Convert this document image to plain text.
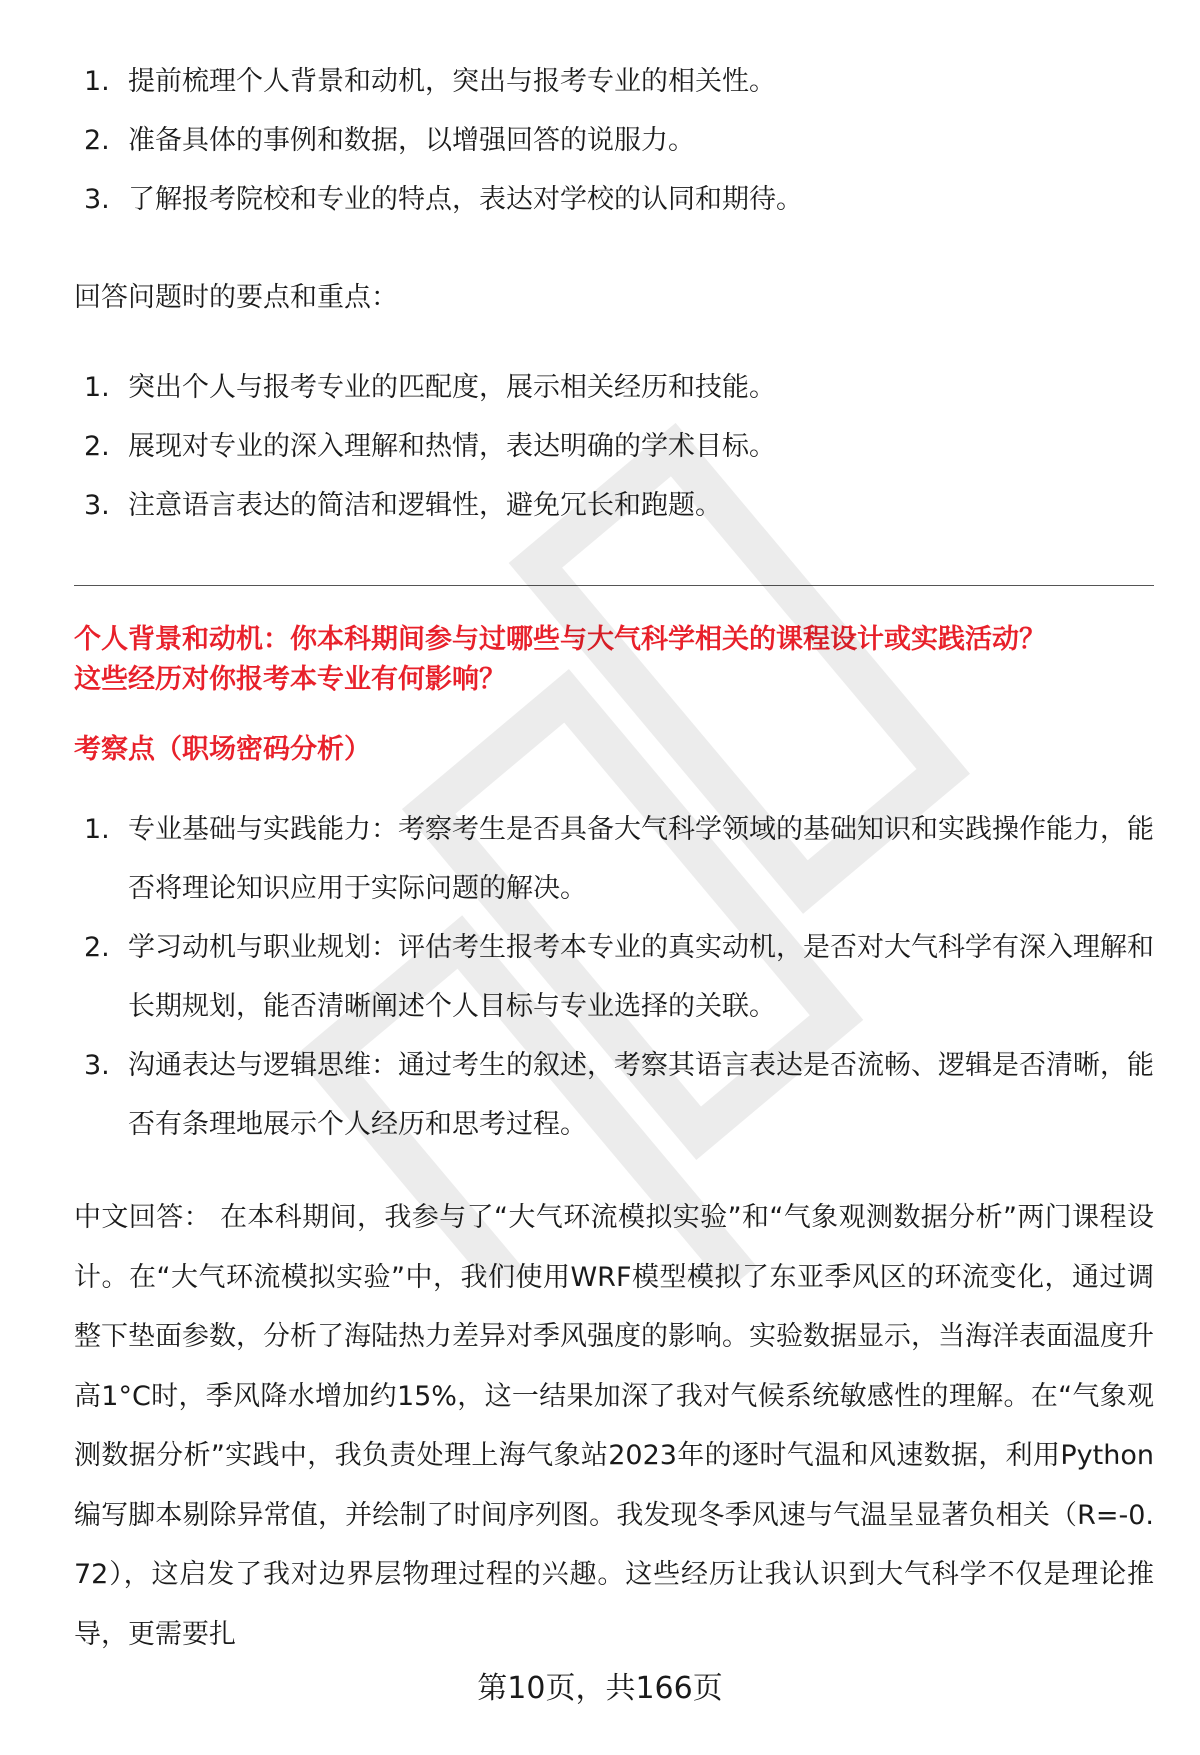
1. 提前梳理个人背景和动机，突出与报考专业的相关性。
2. 准备具体的事例和数据，以增强回答的说服力。
3. 了解报考院校和专业的特点，表达对学校的认同和期待。

回答问题时的要点和重点：

1. 突出个人与报考专业的匹配度，展示相关经历和技能。
2. 展现对专业的深入理解和热情，表达明确的学术目标。
3. 注意语言表达的简洁和逻辑性，避免冗长和跑题。

个人背景和动机：你本科期间参与过哪些与大气科学相关的课程设计或实践活动？

这些经历对你报考本专业有何影响？

考察点（职场密码分析）

1. 专业基础与实践能力：考察考生是否具备大气科学领域的基础知识和实践操作能力，能否将理论知识应用于实际问题的解决。
2. 学习动机与职业规划：评估考生报考本专业的真实动机，是否对大气科学有深入理解和长期规划，能否清晰阐述个人目标与专业选择的关联。
3. 沟通表达与逻辑思维：通过考生的叙述，考察其语言表达是否流畅、逻辑是否清晰，能否有条理地展示个人经历和思考过程。

中文回答： 在本科期间，我参与了“大气环流模拟实验”和“气象观测数据分析”两门课程设计。在“大气环流模拟实验”中，我们使用WRF模型模拟了东亚季风区的环流变化，通过调整下垫面参数，分析了海陆热力差异对季风强度的影响。实验数据显示，当海洋表面温度升高1°C时，季风降水增加约15%，这一结果加深了我对气候系统敏感性的理解。在“气象观测数据分析”实践中，我负责处理上海气象站2023年的逐时气温和风速数据，利用Python编写脚本剔除异常值，并绘制了时间序列图。我发现冬季风速与气温呈显著负相关（R=-0.72），这启发了我对边界层物理过程的兴趣。这些经历让我认识到大气科学不仅是理论推导，更需要扎

第10页，共166页
